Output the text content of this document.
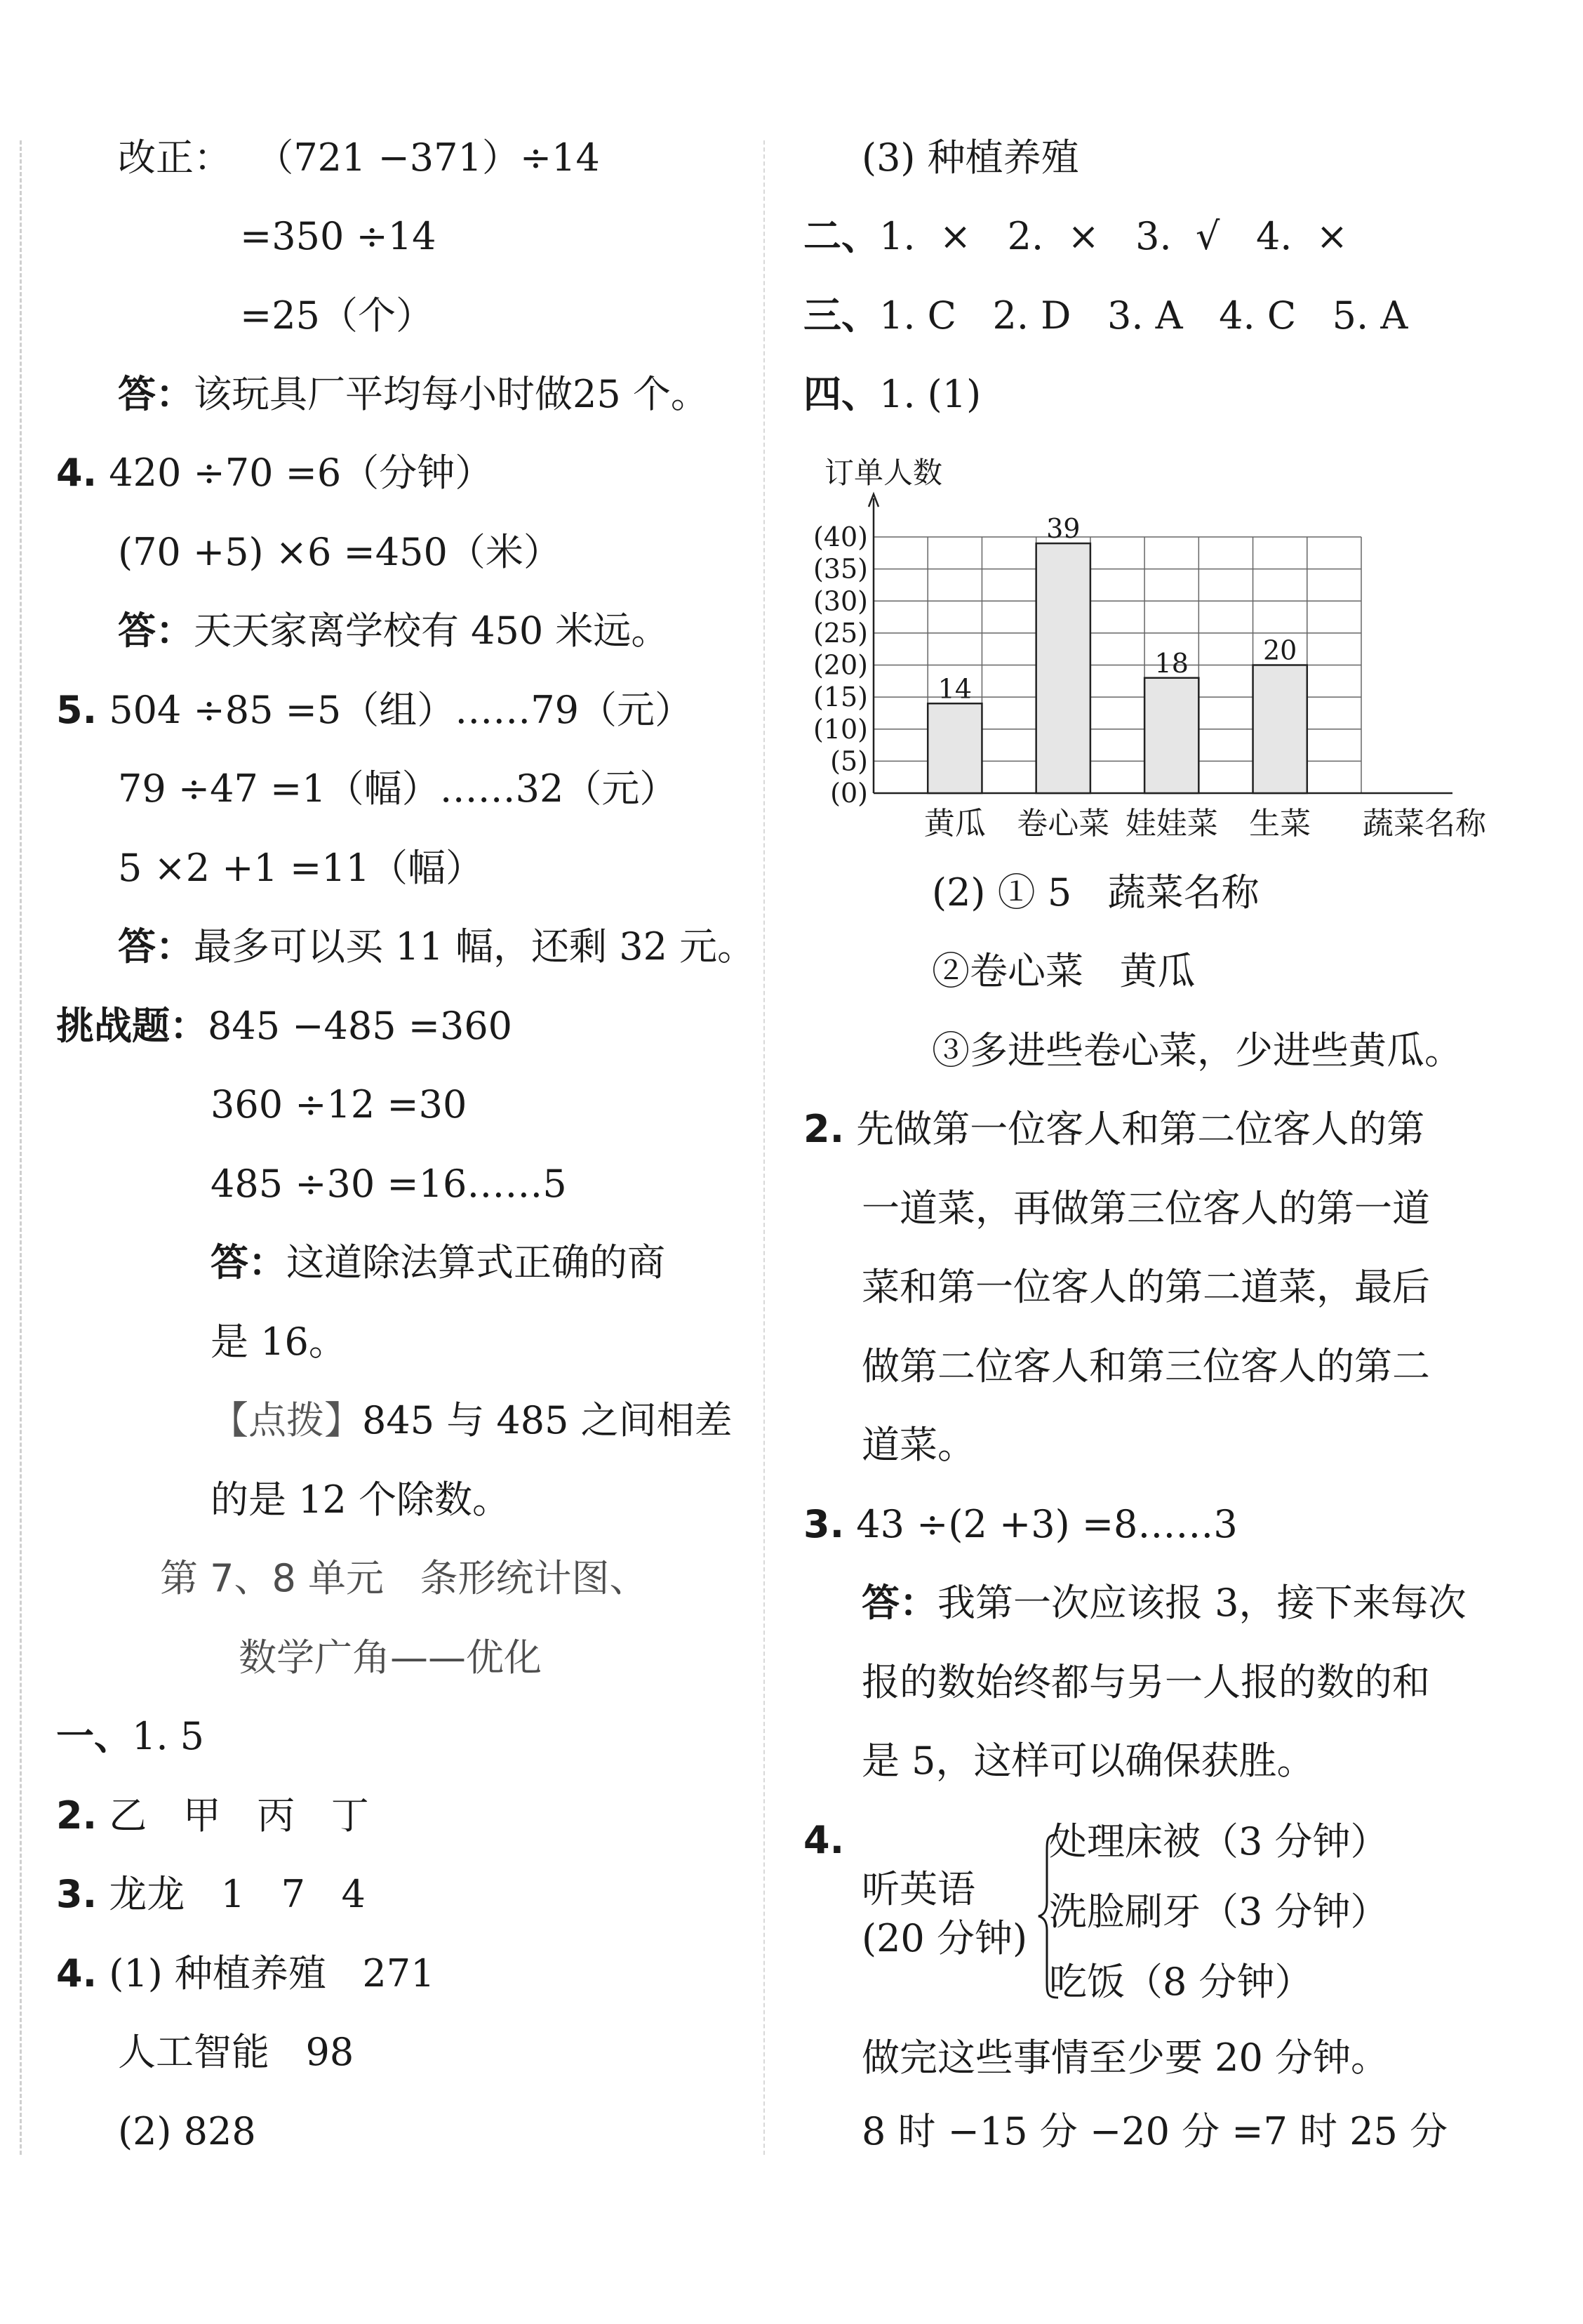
改正：  （721 −371）÷14
=350 ÷14
=25（个）
答：该玩具厂平均每小时做25 个。
4. 420 ÷70 =6（分钟）
(70 +5) ×6 =450（米）
答：天天家离学校有 450 米远。
5. 504 ÷85 =5（组）……79（元）
79 ÷47 =1（幅）……32（元）
5 ×2 +1 =11（幅）
答：最多可以买 11 幅，还剩 32 元。
挑战题：845 −485 =360
360 ÷12 =30
485 ÷30 =16……5
答：这道除法算式正确的商
是 16。
【点拨】845 与 485 之间相差
的是 12 个除数。
第 7、8 单元   条形统计图、
数学广角——优化
一、1. 5
2. 乙   甲   丙   丁
3. 龙龙   1   7   4
4. (1) 种植养殖   271
人工智能   98
(2) 828
(3) 种植养殖
二、1.  ×   2.  ×   3.  √   4.  ×
三、1. C   2. D   3. A   4. C   5. A
四、1. (1)
订单人数
(0)
(5)
(10)
(15)
(20)
(25)
(30)
(35)
(40)
14
黄瓜
39
卷心菜
18
娃娃菜
20
生菜 蔬菜名称
(2) ① 5   蔬菜名称
②卷心菜   黄瓜
③多进些卷心菜，少进些黄瓜。
2. 先做第一位客人和第二位客人的第
一道菜，再做第三位客人的第一道
菜和第一位客人的第二道菜，最后
做第二位客人和第三位客人的第二
道菜。
3. 43 ÷(2 +3) =8……3
答：我第一次应该报 3，接下来每次
报的数始终都与另一人报的数的和
是 5，这样可以确保获胜。
4.
听英语
(20 分钟)
处理床被（3 分钟）
洗脸刷牙（3 分钟）
吃饭（8 分钟）
做完这些事情至少要 20 分钟。
8 时 −15 分 −20 分 =7 时 25 分
